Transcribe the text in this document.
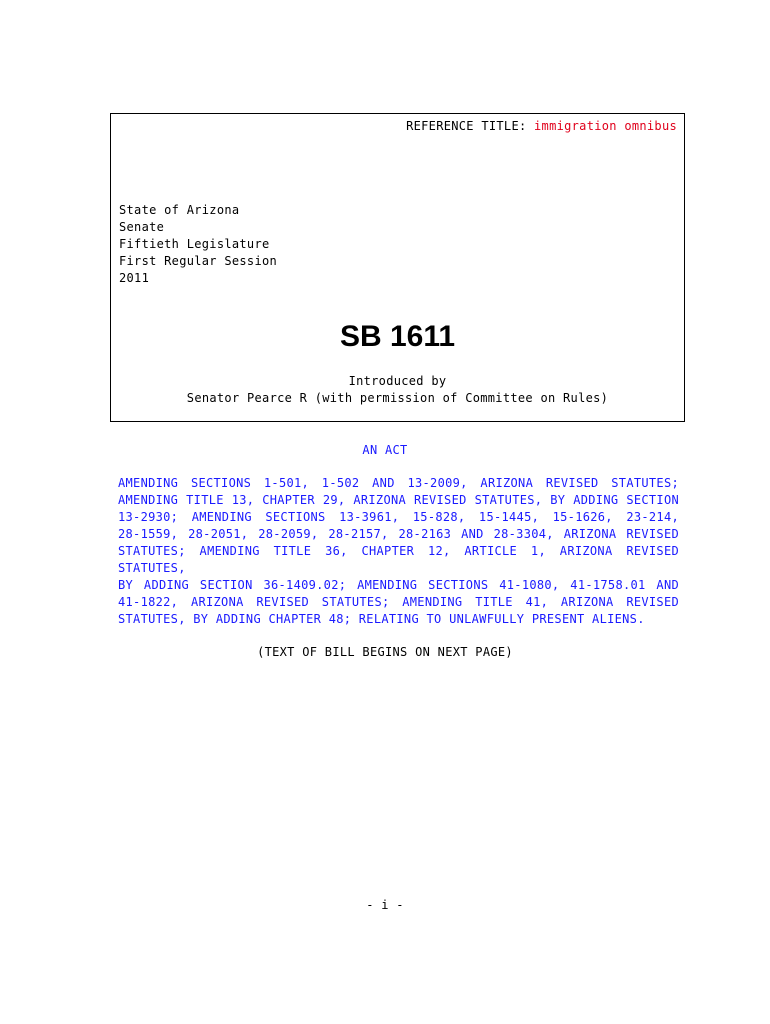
REFERENCE TITLE: immigration omnibus
State of Arizona
Senate
Fiftieth Legislature
First Regular Session
2011
SB 1611
Introduced by
Senator Pearce R (with permission of Committee on Rules)
AN ACT

AMENDING SECTIONS 1-501, 1-502 AND 13-2009, ARIZONA REVISED STATUTES;
AMENDING TITLE 13, CHAPTER 29, ARIZONA REVISED STATUTES, BY ADDING SECTION
13-2930; AMENDING SECTIONS 13-3961, 15-828, 15-1445, 15-1626, 23-214,
28-1559, 28-2051, 28-2059, 28-2157, 28-2163 AND 28-3304, ARIZONA REVISED
STATUTES; AMENDING TITLE 36, CHAPTER 12, ARTICLE 1, ARIZONA REVISED STATUTES,
BY ADDING SECTION 36-1409.02; AMENDING SECTIONS 41-1080, 41-1758.01 AND
41-1822, ARIZONA REVISED STATUTES; AMENDING TITLE 41, ARIZONA REVISED
STATUTES, BY ADDING CHAPTER 48; RELATING TO UNLAWFULLY PRESENT ALIENS.

(TEXT OF BILL BEGINS ON NEXT PAGE)
- i -
